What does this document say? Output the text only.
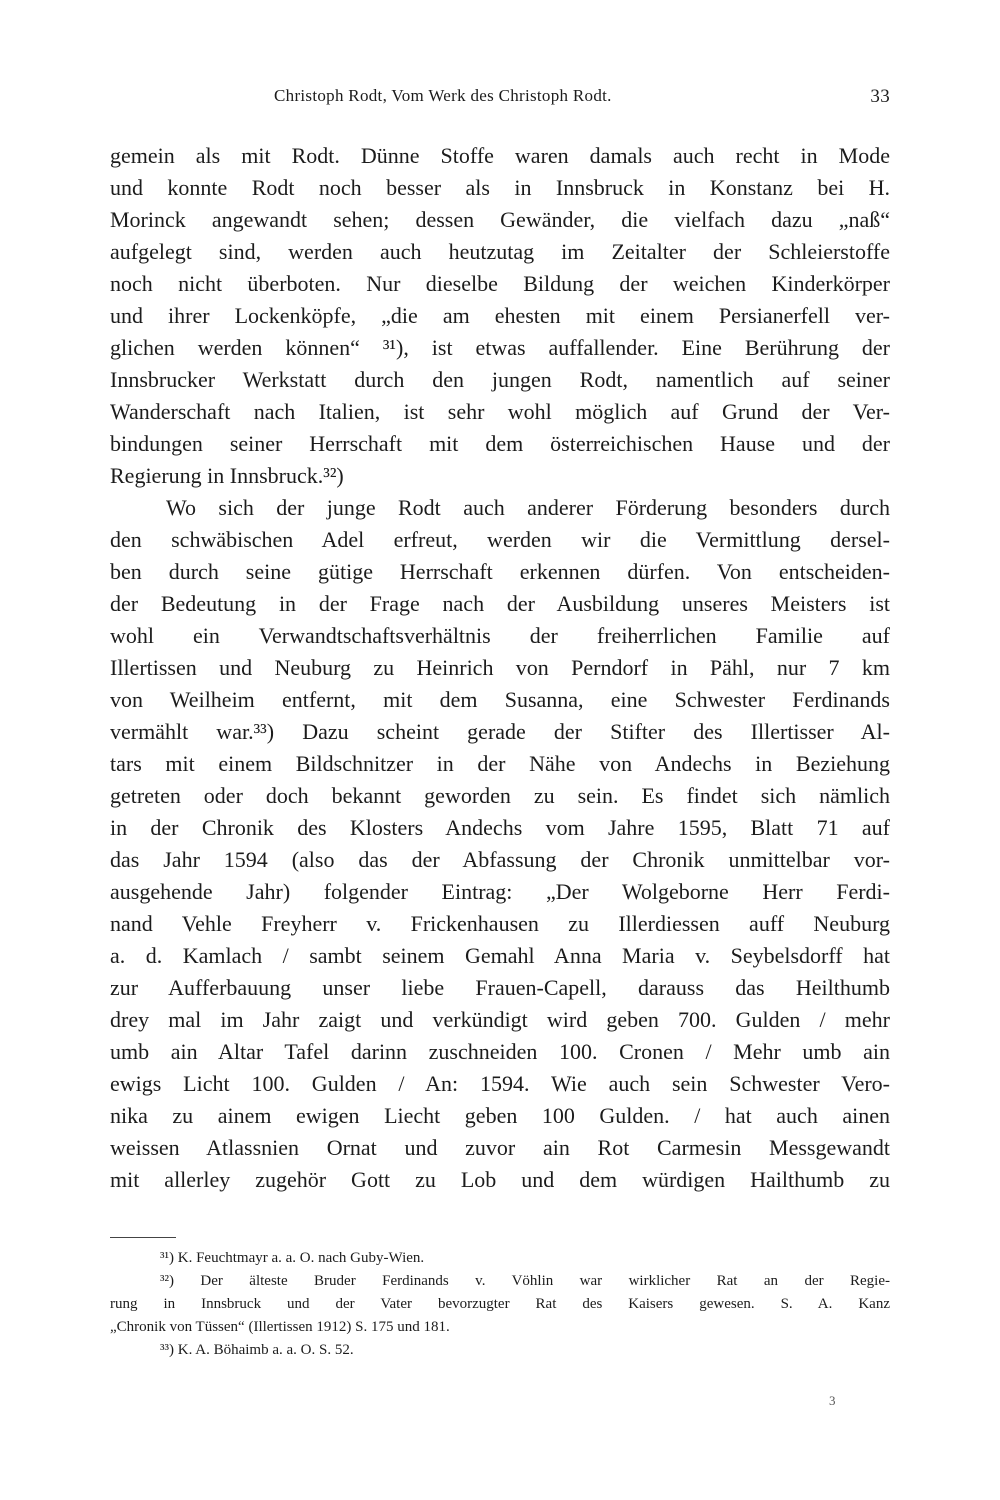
Christoph Rodt, Vom Werk des Christoph Rodt.	33
gemein als mit Rodt. Dünne Stoffe waren damals auch recht in Mode
und konnte Rodt noch besser als in Innsbruck in Konstanz bei H.
Morinck angewandt sehen; dessen Gewänder, die vielfach dazu „naß“
aufgelegt sind, werden auch heutzutag im Zeitalter der Schleierstoffe
noch nicht überboten. Nur dieselbe Bildung der weichen Kinderkörper
und ihrer Lockenköpfe, „die am ehesten mit einem Persianerfell ver-
glichen werden können“ ³¹), ist etwas auffallender. Eine Berührung der
Innsbrucker Werkstatt durch den jungen Rodt, namentlich auf seiner
Wanderschaft nach Italien, ist sehr wohl möglich auf Grund der Ver-
bindungen seiner Herrschaft mit dem österreichischen Hause und der
Regierung in Innsbruck.³²)
Wo sich der junge Rodt auch anderer Förderung besonders durch
den schwäbischen Adel erfreut, werden wir die Vermittlung dersel-
ben durch seine gütige Herrschaft erkennen dürfen. Von entscheiden-
der Bedeutung in der Frage nach der Ausbildung unseres Meisters ist
wohl ein Verwandtschaftsverhältnis der freiherrlichen Familie auf
Illertissen und Neuburg zu Heinrich von Perndorf in Pähl, nur 7 km
von Weilheim entfernt, mit dem Susanna, eine Schwester Ferdinands
vermählt war.³³) Dazu scheint gerade der Stifter des Illertisser Al-
tars mit einem Bildschnitzer in der Nähe von Andechs in Beziehung
getreten oder doch bekannt geworden zu sein. Es findet sich nämlich
in der Chronik des Klosters Andechs vom Jahre 1595, Blatt 71 auf
das Jahr 1594 (also das der Abfassung der Chronik unmittelbar vor-
ausgehende Jahr) folgender Eintrag: „Der Wolgeborne Herr Ferdi-
nand Vehle Freyherr v. Frickenhausen zu Illerdiessen auff Neuburg
a. d. Kamlach / sambt seinem Gemahl Anna Maria v. Seybelsdorff hat
zur Aufferbauung unser liebe Frauen-Capell, darauss das Heilthumb
drey mal im Jahr zaigt und verkündigt wird geben 700. Gulden / mehr
umb ain Altar Tafel darinn zuschneiden 100. Cronen / Mehr umb ain
ewigs Licht 100. Gulden / An: 1594. Wie auch sein Schwester Vero-
nika zu ainem ewigen Liecht geben 100 Gulden. / hat auch ainen
weissen Atlassnien Ornat und zuvor ain Rot Carmesin Messgewandt
mit allerley zugehör Gott zu Lob und dem würdigen Hailthumb zu
³¹) K. Feuchtmayr a. a. O. nach Guby-Wien.
³²) Der älteste Bruder Ferdinands v. Vöhlin war wirklicher Rat an der Regie-
rung in Innsbruck und der Vater bevorzugter Rat des Kaisers gewesen. S. A. Kanz
„Chronik von Tüssen“ (Illertissen 1912) S. 175 und 181.
³³) K. A. Böhaimb a. a. O. S. 52.
3
